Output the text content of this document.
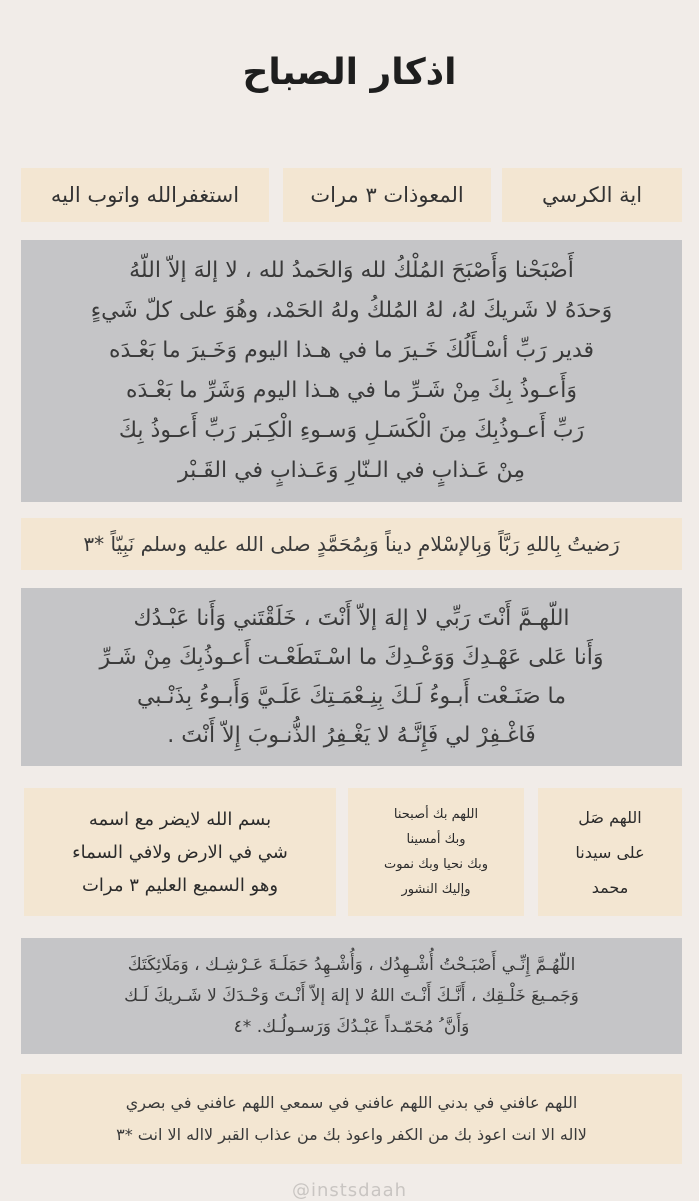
اذكار الصباح
اية الكرسي
المعوذات ٣ مرات
استغفرالله واتوب اليه
أَصْبَحْنا وَأَصْبَحَ المُلْكُ لله وَالحَمدُ لله ، لا إلهَ إلاّ اللّهُ
وَحدَهُ لا شَريكَ لهُ، لهُ المُلكُ ولهُ الحَمْد، وهُوَ على كلّ شَيءٍ
قدير رَبِّ أسْـأَلُكَ خَـيرَ ما في هـذا اليوم وَخَـيرَ ما بَعْـدَه
وَأَعـوذُ بِكَ مِنْ شَـرِّ ما في هـذا اليوم وَشَرِّ ما بَعْـدَه
رَبِّ أَعـوذُبِكَ مِنَ الْكَسَـلِ وَسـوءِ الْكِـبَر رَبِّ أَعـوذُ بِكَ
مِنْ عَـذابٍ في الـنّارِ وَعَـذابٍ في القَـبْر
رَضيتُ بِاللهِ رَبَّاً وَبِالإسْلامِ ديناً وَبِمُحَمَّدٍ صلى الله عليه وسلم نَبِيّاً *٣
اللّهـمَّ أَنْتَ رَبِّي لا إلهَ إلاّ أَنْتَ ، خَلَقْتَني وَأَنا عَبْـدُك
وَأَنا عَلى عَهْـدِكَ وَوَعْـدِكَ ما اسْـتَطَعْـت أَعـوذُبِكَ مِنْ شَـرِّ
ما صَنَـعْت أَبـوءُ لَـكَ بِنِـعْمَـتِكَ عَلَـيَّ وَأَبـوءُ بِذَنْـبي
فَاغْـفِرْ لي فَإِنَّـهُ لا يَغْـفِرُ الذُّنـوبَ إِلاّ أَنْتَ .
اللهم صَل
على سيدنا
محمد
اللهم بك أصبحنا
وبك أمسينا
وبك نحيا وبك نموت
وإليك النشور
بسم الله لايضر مع اسمه
شي في الارض ولافي السماء
وهو السميع العليم ٣ مرات
اللّهُـمَّ إِنِّـي أَصْبَـحْتُ أُشْـهِدُك ، وَأُشْـهِدُ حَمَلَـةَ عَـرْشِـك ، وَمَلَائِكَتَكَ
وَجَمـيعَ خَلْـقِك ، أَنَّـكَ أَنْـتَ اللهُ لا إلهَ إلاّ أَنْـتَ وَحْـدَكَ لا شَـريكَ لَـك
وَأَنَّ ُ مُحَمّـداً عَبْـدُكَ وَرَسـولُـك. *٤
اللهم عافني في بدني اللهم عافني في سمعي اللهم عافني في بصري
لااله الا انت اعوذ بك من الكفر واعوذ بك من عذاب القبر لااله الا انت *٣
@instsdaah
